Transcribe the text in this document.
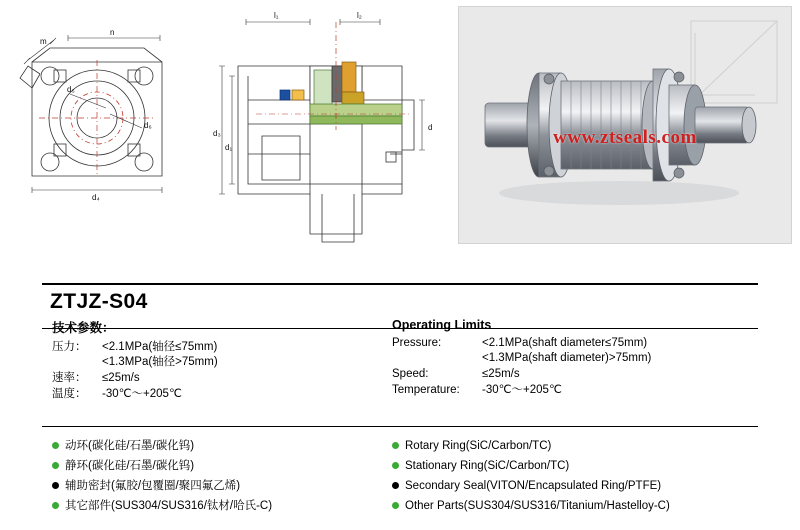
l₁	l₂
m
n
d₄
d₅
d₆
d₃
d₁
d	www.ztseals.com
ZTJZ-S04
技术参数：
压力：	<2.1MPa(轴径≤75mm)
<1.3MPa(轴径>75mm)
速率：	≤25m/s
温度：	-30℃～+205℃
Operating Limits
Pressure:	<2.1MPa(shaft diameter≤75mm)
<1.3MPa(shaft diameter)>75mm)
Speed:	≤25m/s
Temperature:	-30℃～+205℃
动环(碳化硅/石墨/碳化钨)
静环(碳化硅/石墨/碳化钨)
辅助密封(氟胶/包覆圈/聚四氟乙烯)
其它部件(SUS304/SUS316/钛材/哈氏-C)
Rotary Ring(SiC/Carbon/TC)
Stationary Ring(SiC/Carbon/TC)
Secondary Seal(VITON/Encapsulated Ring/PTFE)
Other Parts(SUS304/SUS316/Titanium/Hastelloy-C)
